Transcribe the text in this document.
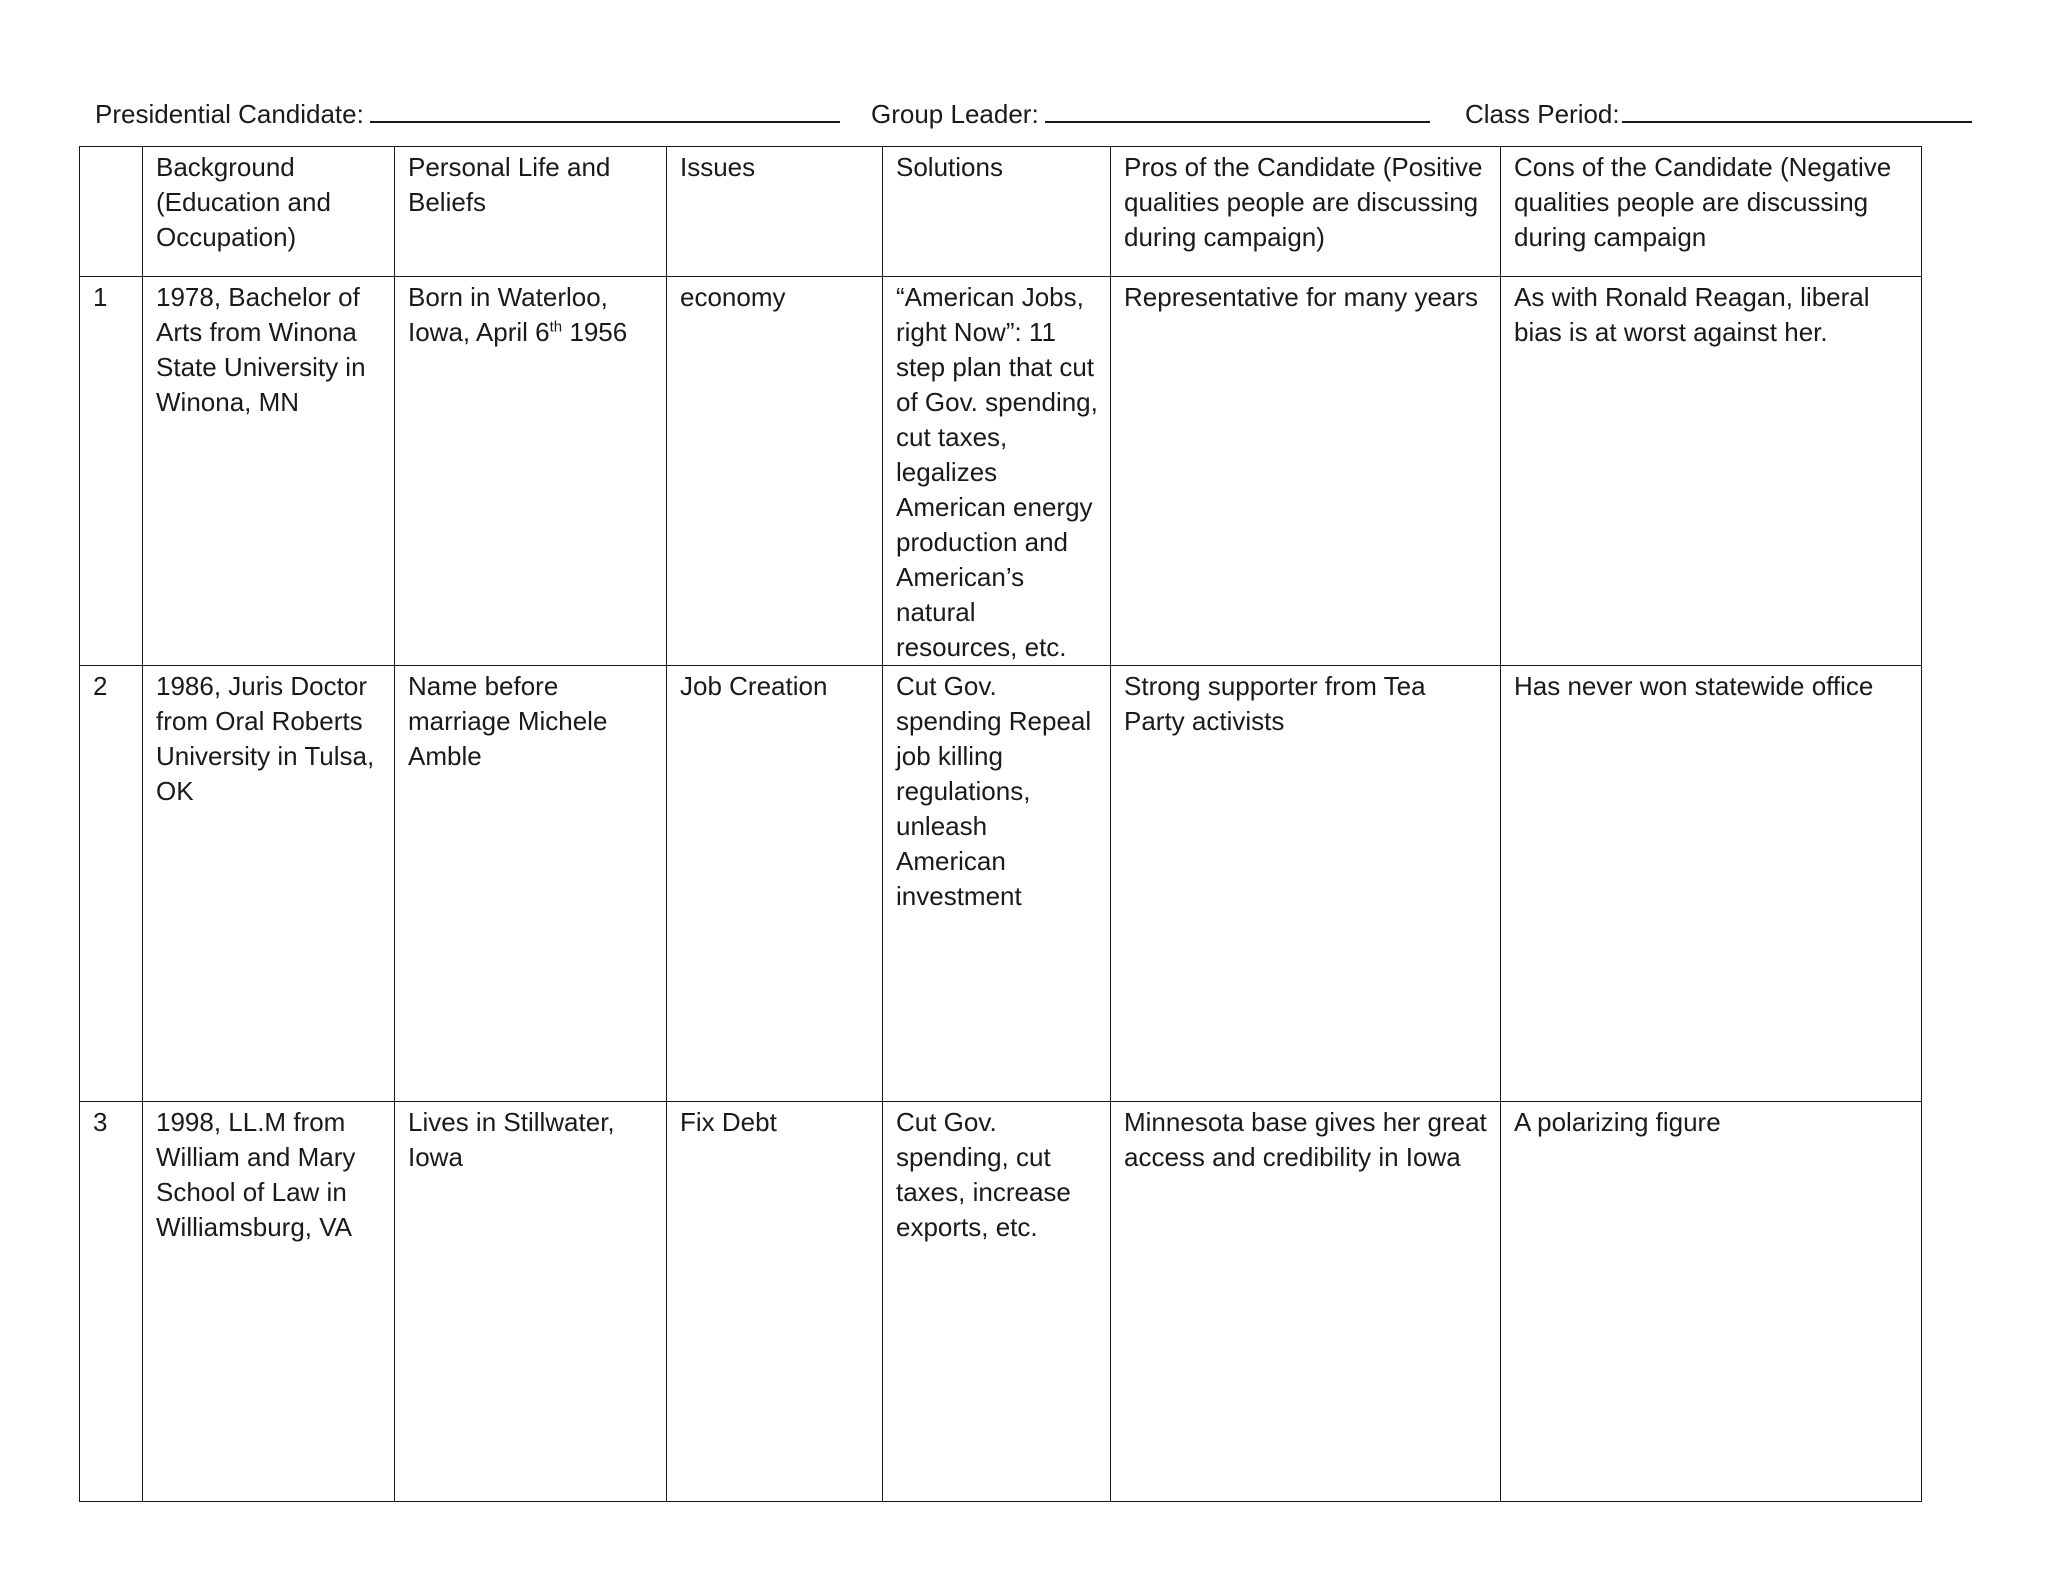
Presidential Candidate:	Group Leader:	Class Period:
	Background (Education and Occupation)	Personal Life and Beliefs	Issues	Solutions	Pros of the Candidate (Positive qualities people are discussing during campaign)	Cons of the Candidate (Negative qualities people are discussing during campaign
1	1978, Bachelor of Arts from Winona State University in Winona, MN	Born in Waterloo, Iowa, April 6th 1956	economy	“American Jobs, right Now”: 11 step plan that cut of Gov. spending, cut taxes, legalizes American energy production and American’s natural resources, etc.	Representative for many years	As with Ronald Reagan, liberal bias is at worst against her.
2	1986, Juris Doctor from Oral Roberts University in Tulsa, OK	Name before marriage Michele Amble	Job Creation	Cut Gov. spending Repeal job killing regulations, unleash American investment	Strong supporter from Tea Party activists	Has never won statewide office
3	1998, LL.M from William and Mary School of Law in Williamsburg, VA	Lives in Stillwater, Iowa	Fix Debt	Cut Gov. spending, cut taxes, increase exports, etc.	Minnesota base gives her great access and credibility in Iowa	A polarizing figure
